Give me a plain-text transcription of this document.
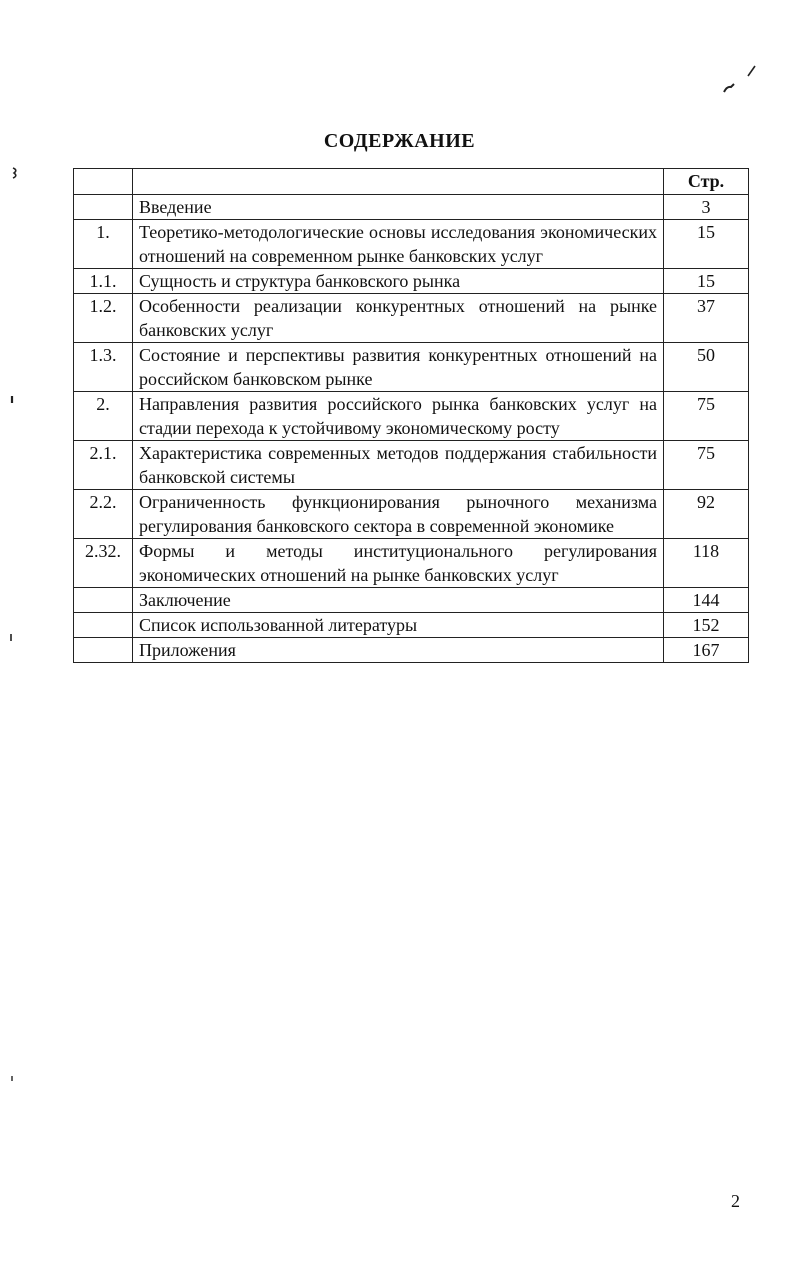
СОДЕРЖАНИЕ
		Стр.
	Введение	3
1.	Теоретико-методологические основы исследования экономических отношений на современном рынке банковских услуг	15
1.1.	Сущность и структура банковского рынка	15
1.2.	Особенности реализации конкурентных отношений на рынке банковских услуг	37
1.3.	Состояние и перспективы развития конкурентных отношений на российском банковском рынке	50
2.	Направления развития российского рынка банковских услуг на стадии перехода к устойчивому экономическому росту	75
2.1.	Характеристика современных методов поддержания стабильности банковской системы	75
2.2.	Ограниченность функционирования рыночного механизма регулирования банковского сектора в современной экономике	92
2.32.	Формы и методы институционального регулирования экономических отношений на рынке банковских услуг	118
	Заключение	144
	Список использованной литературы	152
	Приложения	167
2
